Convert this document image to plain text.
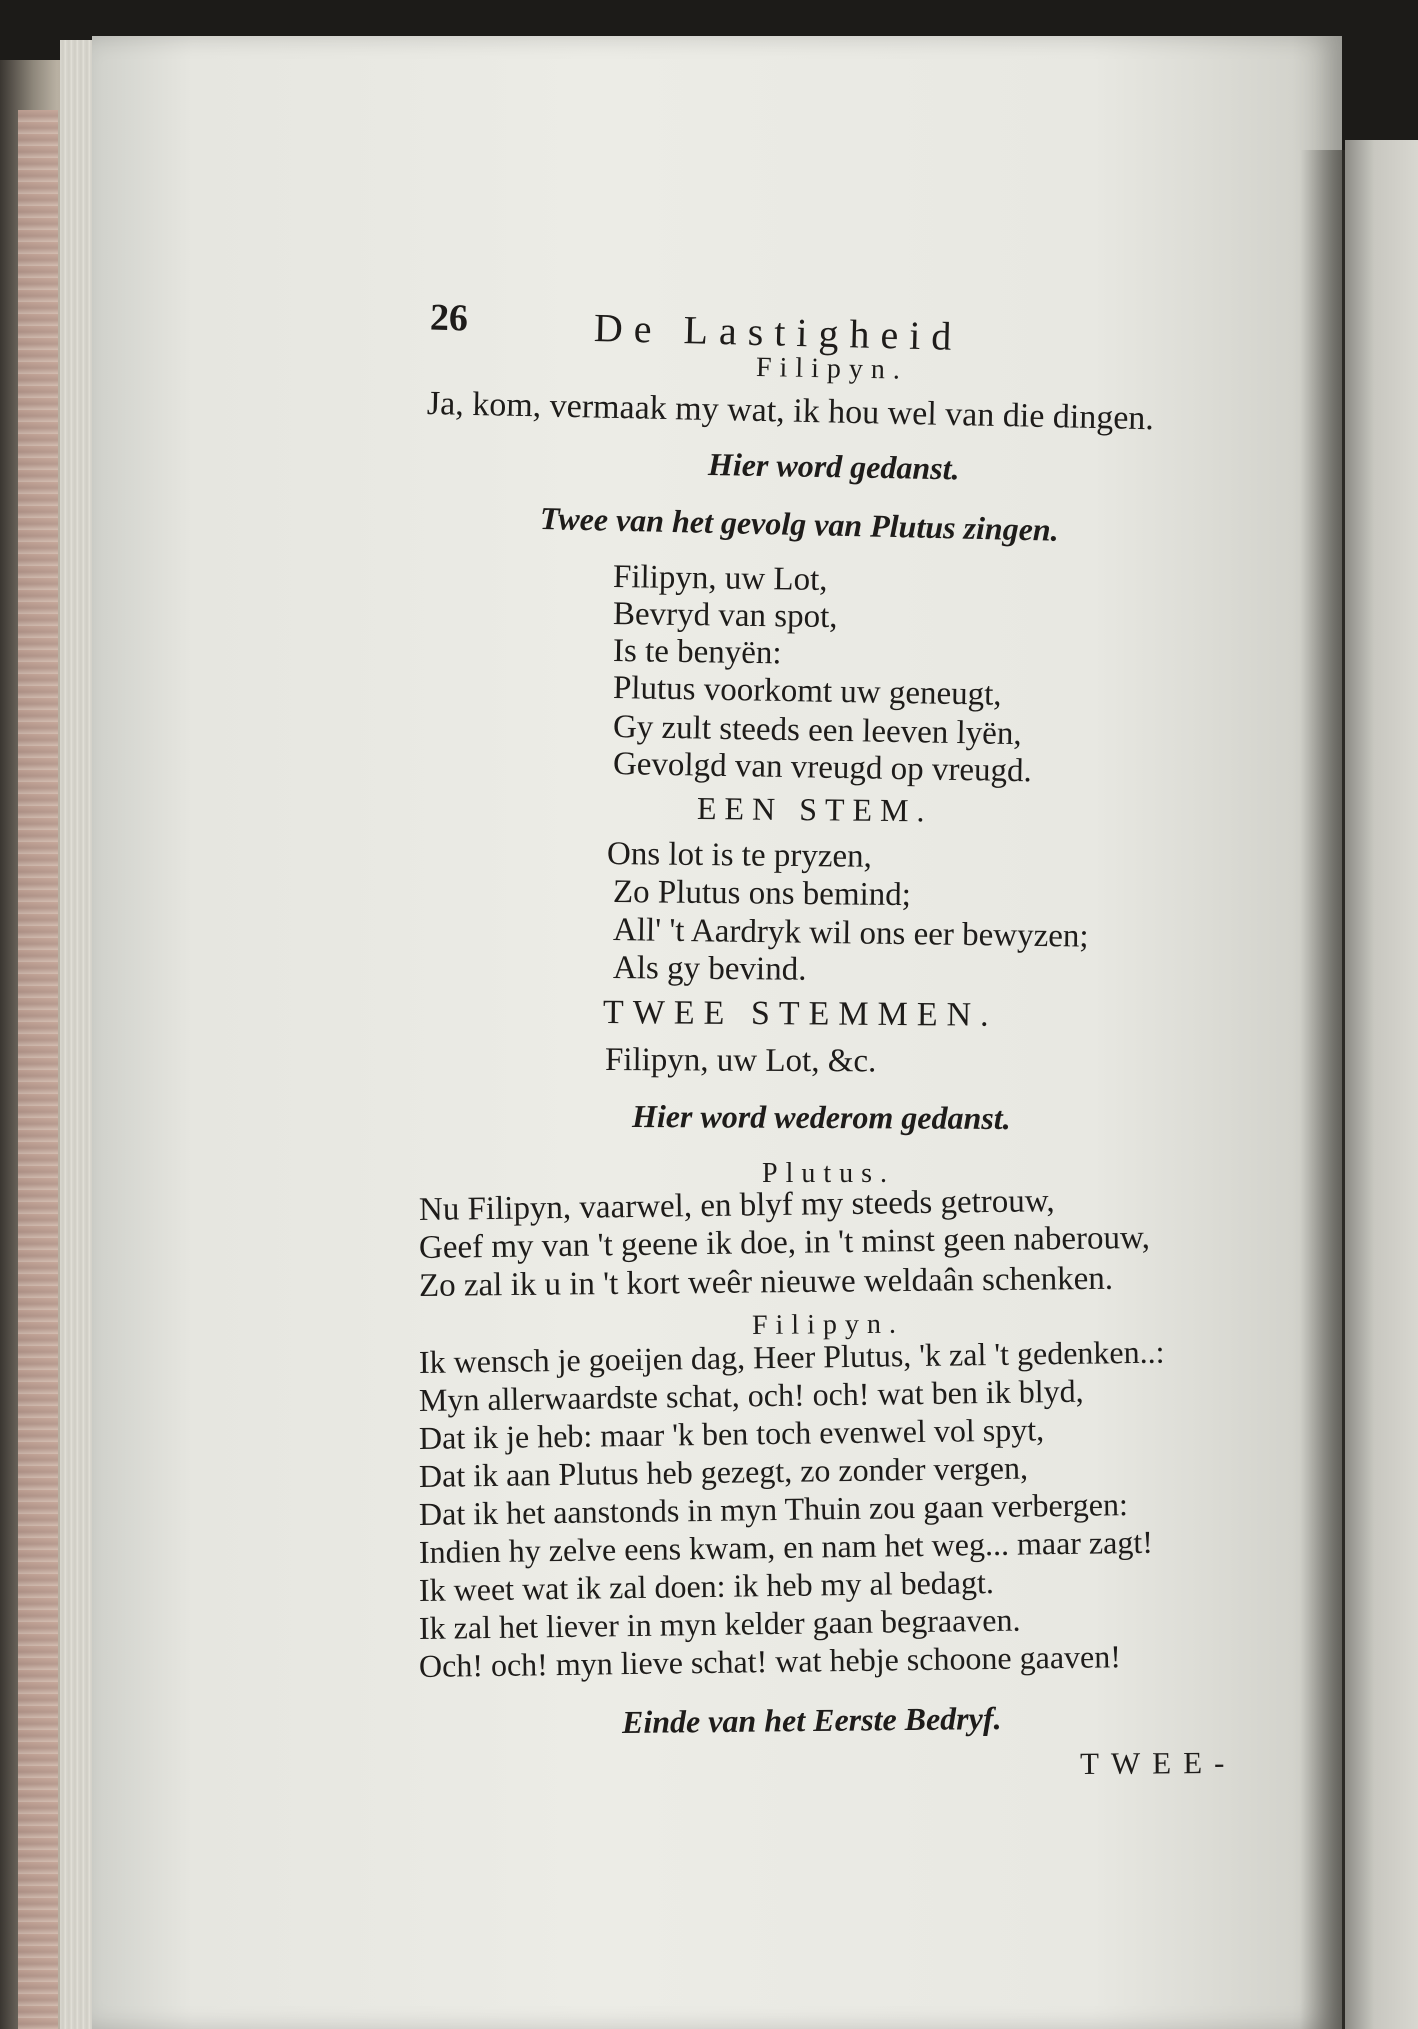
26	De Lastigheid
Filipyn.
Ja, kom, vermaak my wat, ik hou wel van die dingen.
Hier word gedanst.
Twee van het gevolg van Plutus zingen.
Filipyn, uw Lot,
Bevryd van spot,
Is te benyën:
Plutus voorkomt uw geneugt,
Gy zult steeds een leeven lyën,
Gevolgd van vreugd op vreugd.
EEN STEM.
Ons lot is te pryzen,
Zo Plutus ons bemind;
All' 't Aardryk wil ons eer bewyzen;
Als gy bevind.
TWEE STEMMEN.
Filipyn, uw Lot, &c.
Hier word wederom gedanst.
Plutus.
Nu Filipyn, vaarwel, en blyf my steeds getrouw,
Geef my van 't geene ik doe, in 't minst geen naberouw,
Zo zal ik u in 't kort weêr nieuwe weldaân schenken.
Filipyn.
Ik wensch je goeijen dag, Heer Plutus, 'k zal 't gedenken..:
Myn allerwaardste schat, och! och! wat ben ik blyd,
Dat ik je heb: maar 'k ben toch evenwel vol spyt,
Dat ik aan Plutus heb gezegt, zo zonder vergen,
Dat ik het aanstonds in myn Thuin zou gaan verbergen:
Indien hy zelve eens kwam, en nam het weg... maar zagt!
Ik weet wat ik zal doen: ik heb my al bedagt.
Ik zal het liever in myn kelder gaan begraaven.
Och! och! myn lieve schat! wat hebje schoone gaaven!
Einde van het Eerste Bedryf.
TWEE-
